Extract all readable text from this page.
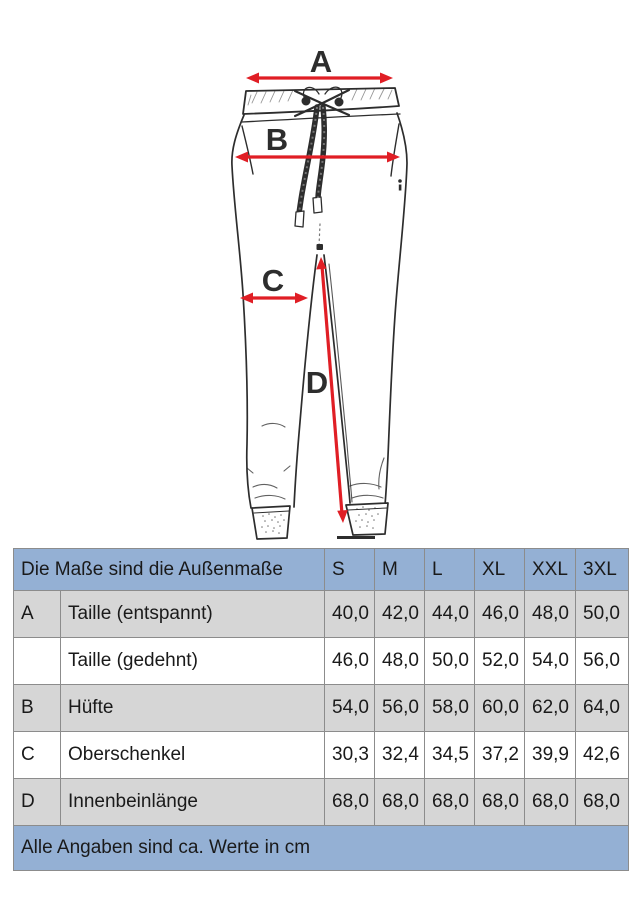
A
B
C
D
Die Maße sind die Außenmaße		S	M	L	XL	XXL	3XL
A	Taille (entspannt)	40,0	42,0	44,0	46,0	48,0	50,0
	Taille (gedehnt)	46,0	48,0	50,0	52,0	54,0	56,0
B	Hüfte	54,0	56,0	58,0	60,0	62,0	64,0
C	Oberschenkel	30,3	32,4	34,5	37,2	39,9	42,6
D	Innenbeinlänge	68,0	68,0	68,0	68,0	68,0	68,0
Alle Angaben sind ca. Werte in cm							
